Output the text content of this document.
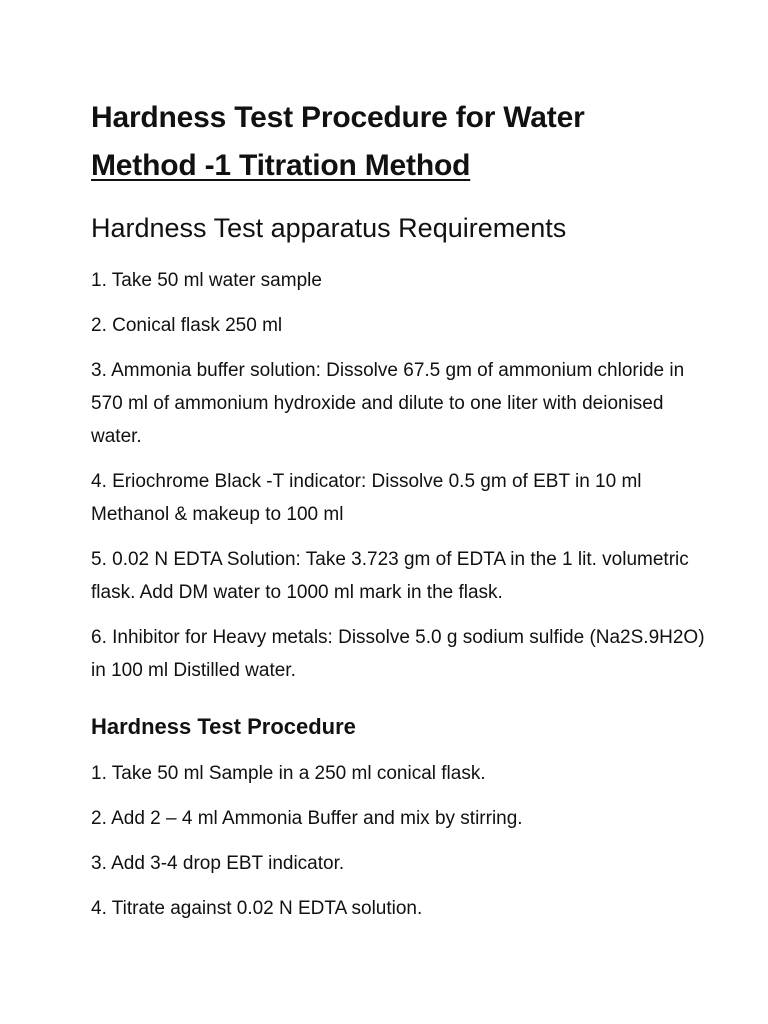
Hardness Test Procedure for Water
Method -1 Titration Method
Hardness Test apparatus Requirements
1. Take 50 ml water sample
2. Conical flask 250 ml
3. Ammonia buffer solution: Dissolve 67.5 gm of ammonium chloride in 570 ml of ammonium hydroxide and dilute to one liter with deionised water.
4. Eriochrome Black -T indicator: Dissolve 0.5 gm of EBT in 10 ml Methanol & makeup to 100 ml
5. 0.02 N EDTA Solution: Take 3.723 gm of EDTA in the 1 lit. volumetric flask. Add DM water to 1000 ml mark in the flask.
6. Inhibitor for Heavy metals: Dissolve 5.0 g sodium sulfide (Na2S.9H2O) in 100 ml Distilled water.
Hardness Test Procedure
1. Take 50 ml Sample in a 250 ml conical flask.
2. Add 2 – 4 ml Ammonia Buffer and mix by stirring.
3. Add 3-4 drop EBT indicator.
4. Titrate against 0.02 N EDTA solution.
